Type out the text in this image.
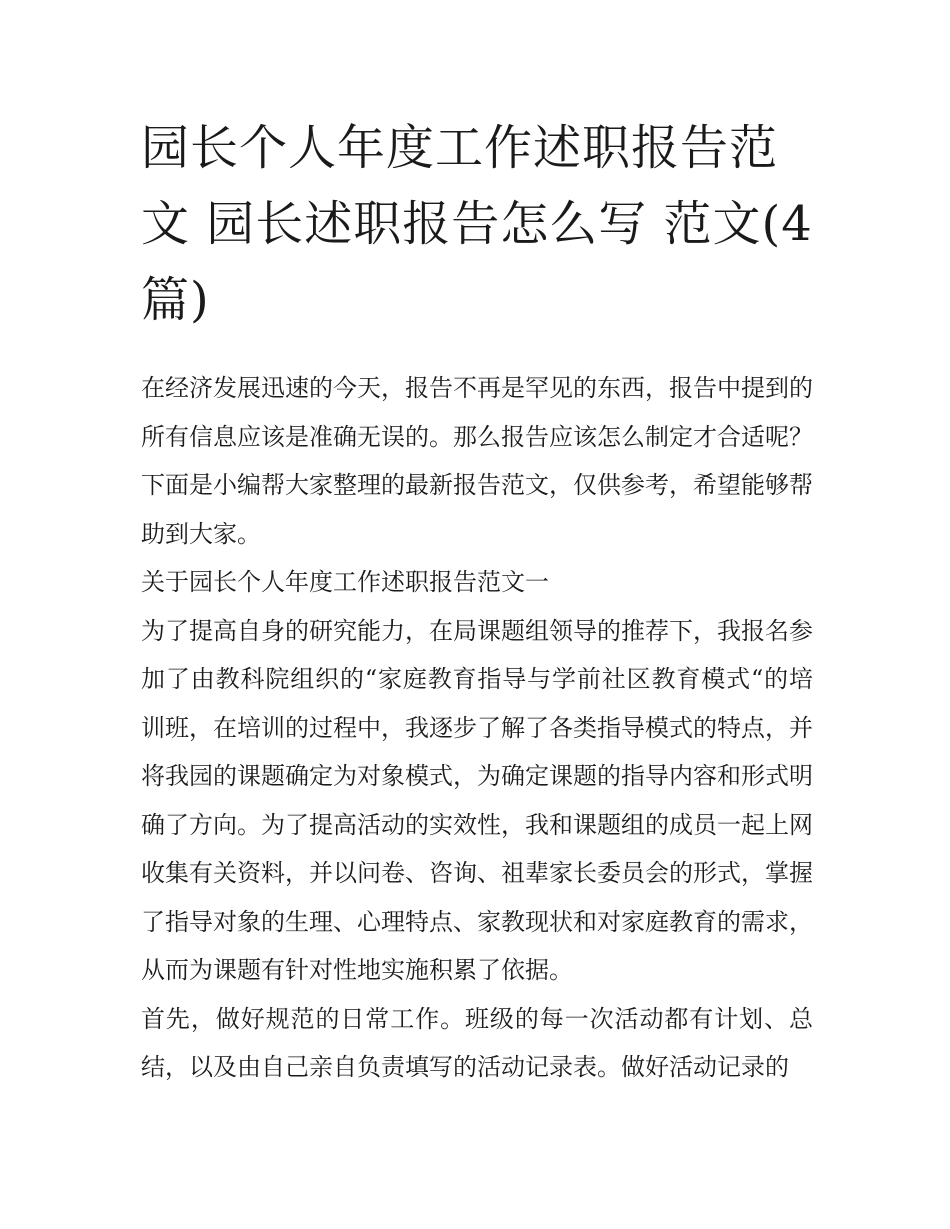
园长个人年度工作述职报告范文 园长述职报告怎么写 范文(4篇)

在经济发展迅速的今天，报告不再是罕见的东西，报告中提到的所有信息应该是准确无误的。那么报告应该怎么制定才合适呢？下面是小编帮大家整理的最新报告范文，仅供参考，希望能够帮助到大家。

关于园长个人年度工作述职报告范文一

为了提高自身的研究能力，在局课题组领导的推荐下，我报名参加了由教科院组织的“家庭教育指导与学前社区教育模式“的培训班，在培训的过程中，我逐步了解了各类指导模式的特点，并将我园的课题确定为对象模式，为确定课题的指导内容和形式明确了方向。为了提高活动的实效性，我和课题组的成员一起上网收集有关资料，并以问卷、咨询、祖辈家长委员会的形式，掌握了指导对象的生理、心理特点、家教现状和对家庭教育的需求，从而为课题有针对性地实施积累了依据。

首先，做好规范的日常工作。班级的每一次活动都有计划、总结，以及由自己亲自负责填写的活动记录表。做好活动记录的
